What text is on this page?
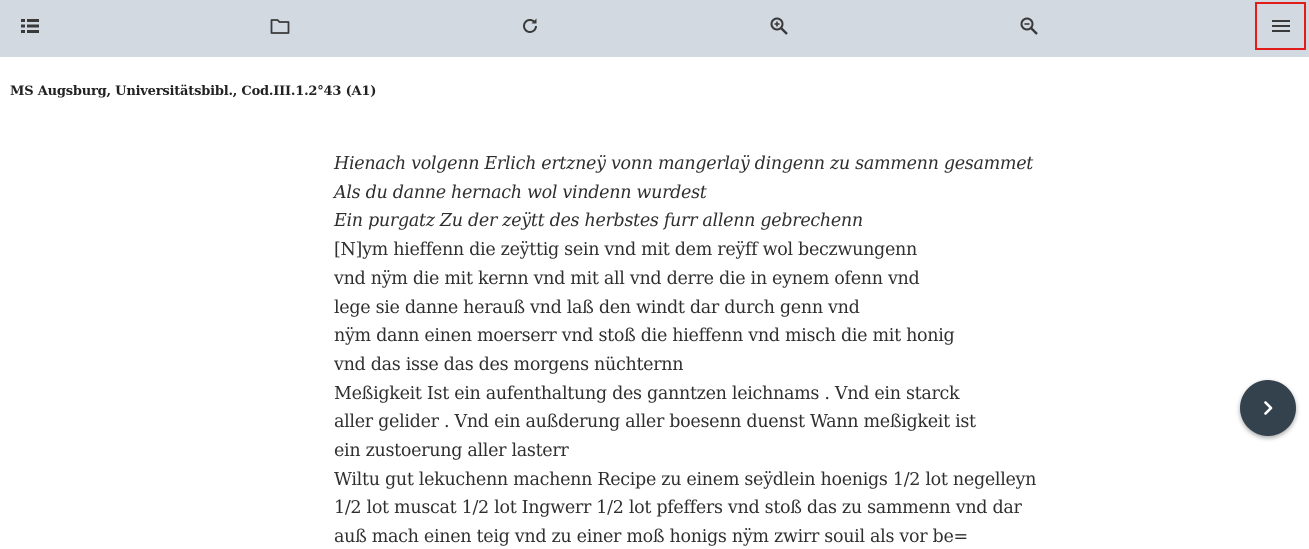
MS Augsburg, Universitätsbibl., Cod.III.1.2°43 (A1)
Hienach volgenn Erlich ertzneÿ vonn mangerlaÿ dingenn zu sammenn gesammet
Als du danne hernach wol vindenn wurdest
Ein purgatz Zu der zeÿtt des herbstes furr allenn gebrechenn
[N]ym hieffenn die zeÿttig sein vnd mit dem reÿff wol beczwungenn
vnd nÿm die mit kernn vnd mit all vnd derre die in eynem ofenn vnd
lege sie danne herauß vnd laß den windt dar durch genn vnd
nÿm dann einen moerserr vnd stoß die hieffenn vnd misch die mit honig
vnd das isse das des morgens nüchternn
Meßigkeit Ist ein aufenthaltung des ganntzen leichnams . Vnd ein starck
aller gelider . Vnd ein außderung aller boesenn duenst Wann meßigkeit ist
ein zustoerung aller lasterr
Wiltu gut lekuchenn machenn Recipe zu einem seÿdlein hoenigs 1/2 lot negelleyn
1/2 lot muscat 1/2 lot Ingwerr 1/2 lot pfeffers vnd stoß das zu sammenn vnd dar
auß mach einen teig vnd zu einer moß honigs nÿm zwirr souil als vor be=
